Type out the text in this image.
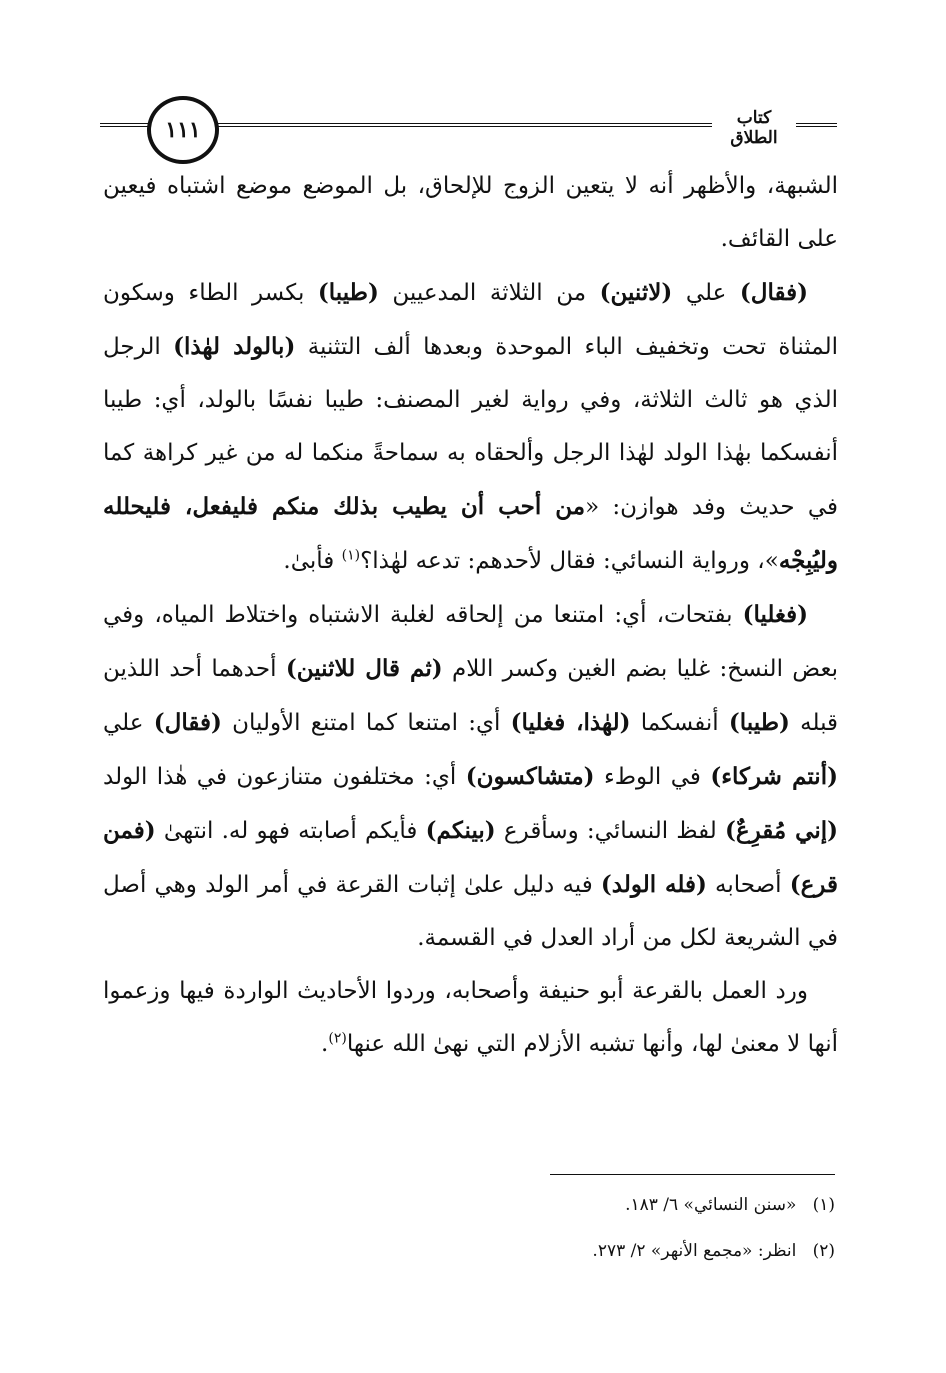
١١١	كتاب الطلاق

الشبهة، والأظهر أنه لا يتعين الزوج للإلحاق، بل الموضع موضع اشتباه فيعين على القائف.

(فقال) علي (لاثنين) من الثلاثة المدعيين (طيبا) بكسر الطاء وسكون المثناة تحت وتخفيف الباء الموحدة وبعدها ألف التثنية (بالولد لهٰذا) الرجل الذي هو ثالث الثلاثة، وفي رواية لغير المصنف: طيبا نفسًا بالولد، أي: طيبا أنفسكما بهٰذا الولد لهٰذا الرجل وألحقاه به سماحةً منكما له من غير كراهة كما في حديث وفد هوازن: «من أحب أن يطيب بذلك منكم فليفعل، فليحلله وليُبِجْه»، ورواية النسائي: فقال لأحدهم: تدعه لهٰذا؟$^{(١)}$ فأبىٰ.

(فغليا) بفتحات، أي: امتنعا من إلحاقه لغلبة الاشتباه واختلاط المياه، وفي بعض النسخ: غليا بضم الغين وكسر اللام (ثم قال للاثنين) أحدهما أحد اللذين قبله (طيبا) أنفسكما (لهٰذا، فغليا) أي: امتنعا كما امتنع الأوليان (فقال) علي (أنتم شركاء) في الوطء (متشاكسون) أي: مختلفون متنازعون في هٰذا الولد (إني مُقرِعٌ) لفظ النسائي: وسأقرع (بينكم) فأيكم أصابته فهو له. انتهىٰ (فمن قرع) أصحابه (فله الولد) فيه دليل علىٰ إثبات القرعة في أمر الولد وهي أصل في الشريعة لكل من أراد العدل في القسمة.

ورد العمل بالقرعة أبو حنيفة وأصحابه، وردوا الأحاديث الواردة فيها وزعموا أنها لا معنىٰ لها، وأنها تشبه الأزلام التي نهىٰ الله عنها$^{(٢)}$.

(١)   «سنن النسائي» ٦/ ١٨٣.
(٢)   انظر: «مجمع الأنهر» ٢/ ٢٧٣.
